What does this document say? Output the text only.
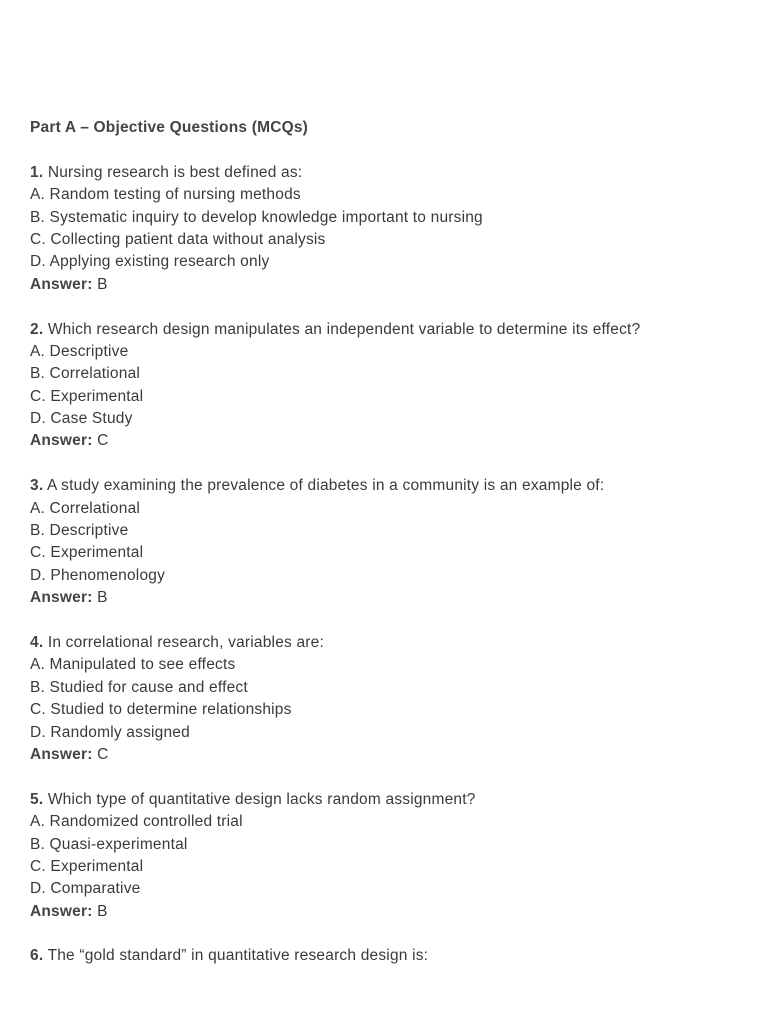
Part A – Objective Questions (MCQs)
1. Nursing research is best defined as:
A. Random testing of nursing methods
B. Systematic inquiry to develop knowledge important to nursing
C. Collecting patient data without analysis
D. Applying existing research only
Answer: B
2. Which research design manipulates an independent variable to determine its effect?
A. Descriptive
B. Correlational
C. Experimental
D. Case Study
Answer: C
3. A study examining the prevalence of diabetes in a community is an example of:
A. Correlational
B. Descriptive
C. Experimental
D. Phenomenology
Answer: B
4. In correlational research, variables are:
A. Manipulated to see effects
B. Studied for cause and effect
C. Studied to determine relationships
D. Randomly assigned
Answer: C
5. Which type of quantitative design lacks random assignment?
A. Randomized controlled trial
B. Quasi-experimental
C. Experimental
D. Comparative
Answer: B
6. The “gold standard” in quantitative research design is:
